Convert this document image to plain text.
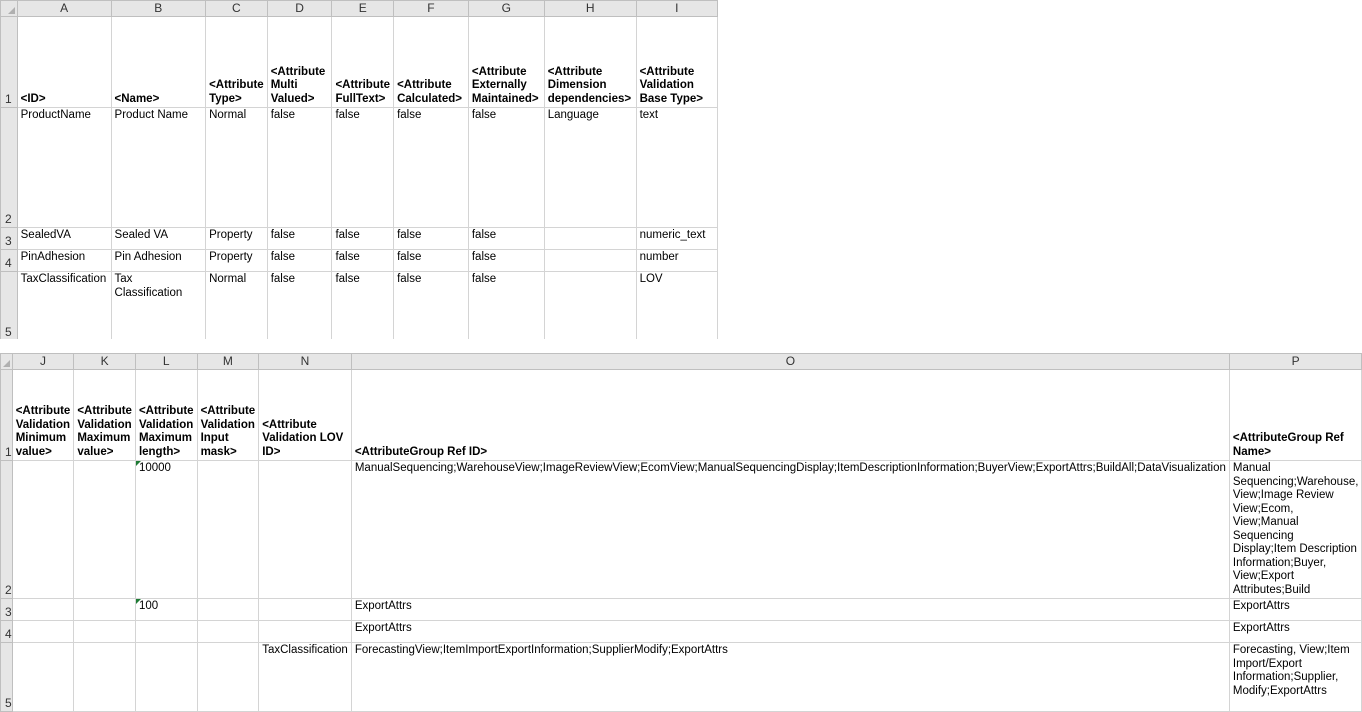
	A	B	C	D	E	F	G	H	I
1	<ID>	<Name>	<Attribute Type>	<Attribute Multi Valued>	<Attribute FullText>	<Attribute Calculated>	<Attribute Externally Maintained>	<Attribute Dimension dependencies>	<Attribute Validation Base Type>
2	ProductName	Product Name	Normal	false	false	false	false	Language	text
3	SealedVA	Sealed VA	Property	false	false	false	false		numeric_text
4	PinAdhesion	Pin Adhesion	Property	false	false	false	false		number
5	TaxClassification	Tax Classification	Normal	false	false	false	false		LOV
	J	K	L	M	N	O	P
1	<Attribute Validation Minimum value>	<Attribute Validation Maximum value>	<Attribute Validation Maximum length>	<Attribute Validation Input mask>	<Attribute Validation LOV ID>	<AttributeGroup Ref ID>	<AttributeGroup Ref Name>
2			10000			ManualSequencing;WarehouseView;ImageReviewView;EcomView;ManualSequencingDisplay;ItemDescriptionInformation;BuyerView;ExportAttrs;BuildAll;DataVisualization	Manual Sequencing;Warehouse, View;Image Review View;Ecom, View;Manual Sequencing Display;Item Description Information;Buyer, View;Export Attributes;Build
3			100			ExportAttrs	ExportAttrs
4						ExportAttrs	ExportAttrs
5					TaxClassification	ForecastingView;ItemImportExportInformation;SupplierModify;ExportAttrs	Forecasting, View;Item Import/Export Information;Supplier, Modify;ExportAttrs
